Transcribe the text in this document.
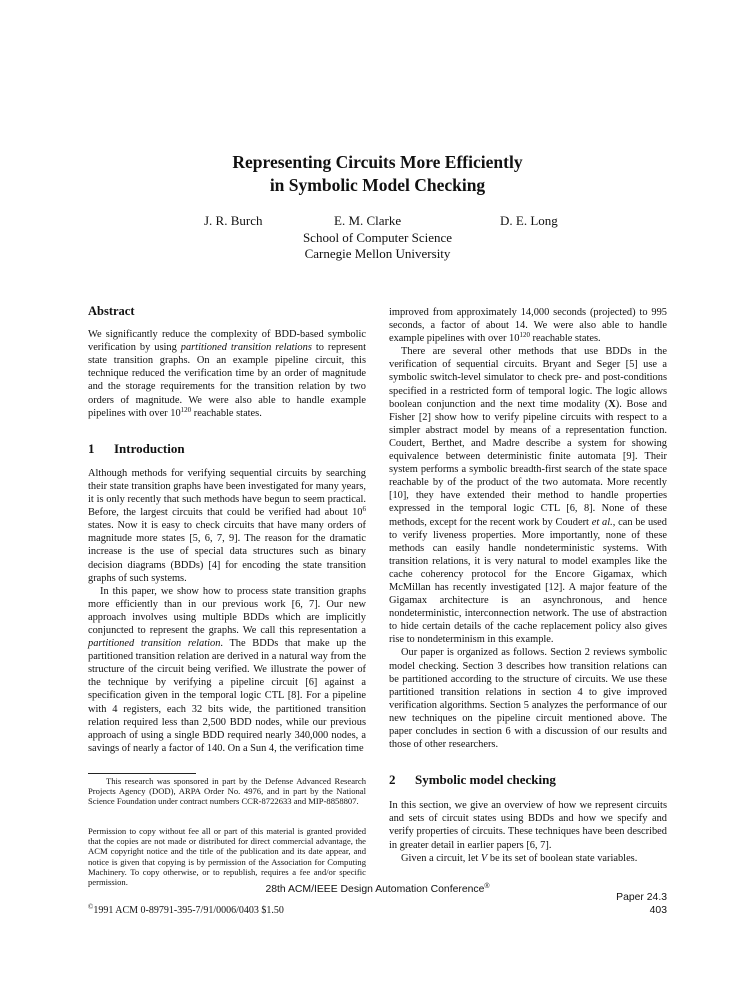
Representing Circuits More Efficiently
in Symbolic Model Checking
J. R. Burch	E. M. Clarke	D. E. Long
School of Computer Science
Carnegie Mellon University
Abstract

We significantly reduce the complexity of BDD-based symbolic verification by using partitioned transition relations to represent state transition graphs. On an example pipeline circuit, this technique reduced the verification time by an order of magnitude and the storage requirements for the transition relation by two orders of magnitude. We were also able to handle example pipelines with over $10^{120}$ reachable states.

1 Introduction

Although methods for verifying sequential circuits by searching their state transition graphs have been investigated for many years, it is only recently that such methods have begun to seem practical. Before, the largest circuits that could be verified had about $10^6$ states. Now it is easy to check circuits that have many orders of magnitude more states [5, 6, 7, 9]. The reason for the dramatic increase is the use of special data structures such as binary decision diagrams (BDDs) [4] for encoding the state transition graphs of such systems.

In this paper, we show how to process state transition graphs more efficiently than in our previous work [6, 7]. Our new approach involves using multiple BDDs which are implicitly conjuncted to represent the graphs. We call this representation a partitioned transition relation. The BDDs that make up the partitioned transition relation are derived in a natural way from the structure of the circuit being verified. We illustrate the power of the technique by verifying a pipeline circuit [6] against a specification given in the temporal logic CTL [8]. For a pipeline with 4 registers, each 32 bits wide, the partitioned transition relation required less than 2,500 BDD nodes, while our previous approach of using a single BDD required nearly 340,000 nodes, a savings of nearly a factor of 140. On a Sun 4, the verification time

This research was sponsored in part by the Defense Advanced Research Projects Agency (DOD), ARPA Order No. 4976, and in part by the National Science Foundation under contract numbers CCR-8722633 and MIP-8858807.
Permission to copy without fee all or part of this material is granted provided that the copies are not made or distributed for direct commercial advantage, the ACM copyright notice and the title of the publication and its date appear, and notice is given that copying is by permission of the Association for Computing Machinery. To copy otherwise, or to republish, requires a fee and/or specific permission.

improved from approximately 14,000 seconds (projected) to 995 seconds, a factor of about 14. We were also able to handle example pipelines with over $10^{120}$ reachable states.

There are several other methods that use BDDs in the verification of sequential circuits. Bryant and Seger [5] use a symbolic switch-level simulator to check pre- and post-conditions specified in a restricted form of temporal logic. The logic allows boolean conjunction and the next time modality (X). Bose and Fisher [2] show how to verify pipeline circuits with respect to a simpler abstract model by means of a representation function. Coudert, Berthet, and Madre describe a system for showing equivalence between deterministic finite automata [9]. Their system performs a symbolic breadth-first search of the state space reachable by of the product of the two automata. More recently [10], they have extended their method to handle properties expressed in the temporal logic CTL [6, 8]. None of these methods, except for the recent work by Coudert et al., can be used to verify liveness properties. More importantly, none of these methods can easily handle nondeterministic systems. With transition relations, it is very natural to model examples like the cache coherency protocol for the Encore Gigamax, which McMillan has recently investigated [12]. A major feature of the Gigamax architecture is an asynchronous, and hence nondeterministic, interconnection network. The use of abstraction to hide certain details of the cache replacement policy also gives rise to nondeterminism in this example.

Our paper is organized as follows. Section 2 reviews symbolic model checking. Section 3 describes how transition relations can be partitioned according to the structure of circuits. We use these partitioned transition relations in section 4 to give improved verification algorithms. Section 5 analyzes the performance of our new techniques on the pipeline circuit mentioned above. The paper concludes in section 6 with a discussion of our results and those of other researchers.

2 Symbolic model checking

In this section, we give an overview of how we represent circuits and sets of circuit states using BDDs and how we specify and verify properties of circuits. These techniques have been described in greater detail in earlier papers [6, 7].

Given a circuit, let V be its set of boolean state variables.

28th ACM/IEEE Design Automation Conference®
©1991 ACM 0-89791-395-7/91/0006/0403 $1.50
Paper 24.3
403
